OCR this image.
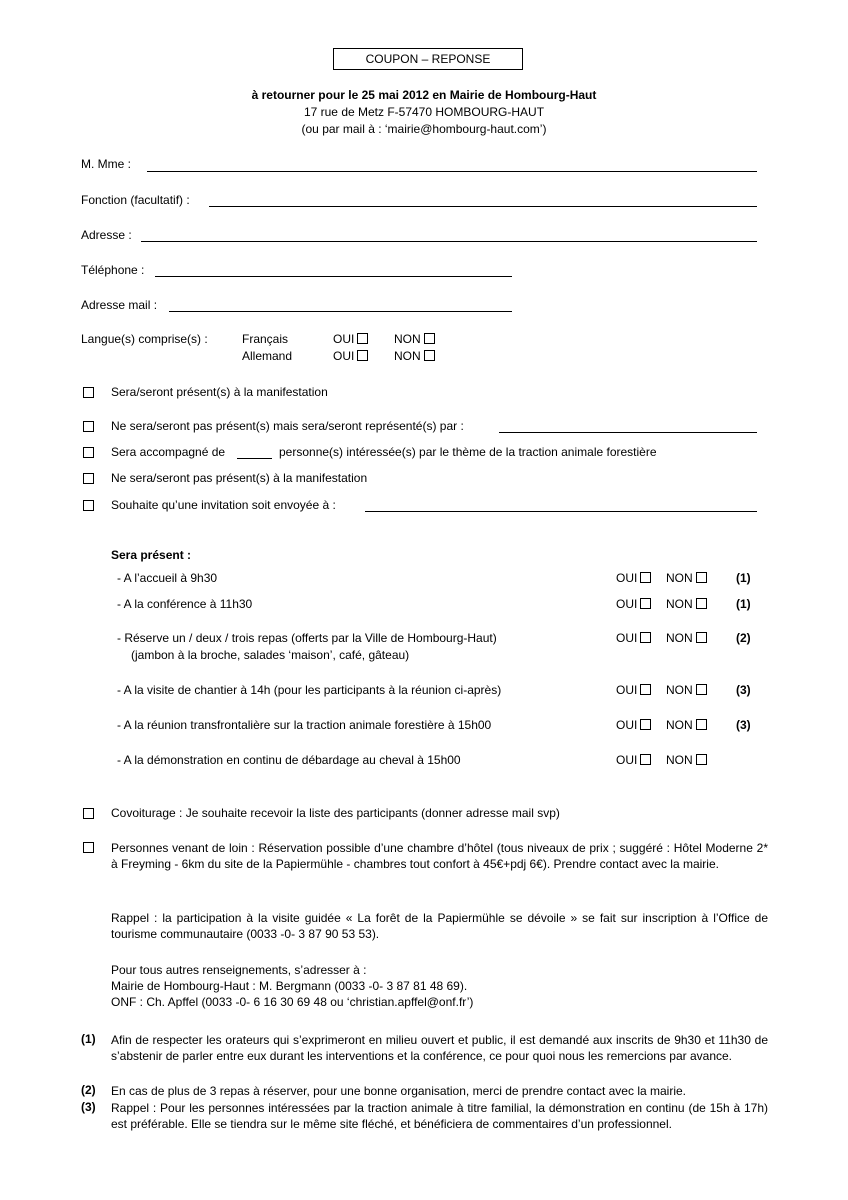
COUPON – REPONSE
à retourner pour le 25 mai 2012 en Mairie de Hombourg-Haut
17 rue de Metz F-57470 HOMBOURG-HAUT
(ou par mail à : ‘mairie@hombourg-haut.com’)
M. Mme :
Fonction (facultatif) :
Adresse :
Téléphone :
Adresse mail :
Langue(s) comprise(s) :	Français	OUI	NON
Allemand	OUI	NON
Sera/seront présent(s) à la manifestation
Ne sera/seront pas présent(s) mais sera/seront représenté(s) par :
Sera accompagné de	personne(s) intéressée(s) par le thème de la traction animale forestière
Ne sera/seront pas présent(s) à la manifestation
Souhaite qu’une invitation soit envoyée à :
Sera présent :
- A l’accueil à 9h30	OUI	NON	(1)
- A la conférence à 11h30	OUI	NON	(1)
- Réserve un / deux / trois repas (offerts par la Ville de Hombourg-Haut)
(jambon à la broche, salades ‘maison’, café, gâteau)
OUI	NON	(2)
- A la visite de chantier à 14h (pour les participants à la réunion ci-après)	OUI	NON	(3)
- A la réunion transfrontalière sur la traction animale forestière à 15h00	OUI	NON	(3)
- A la démonstration en continu de débardage au cheval à 15h00	OUI	NON
Covoiturage : Je souhaite recevoir la liste des participants (donner adresse mail svp)
Personnes venant de loin : Réservation possible d’une chambre d’hôtel (tous niveaux de prix ; suggéré : Hôtel Moderne 2* à Freyming - 6km du site de la Papiermühle - chambres tout confort à 45€+pdj 6€). Prendre contact avec la mairie.
Rappel : la participation à la visite guidée « La forêt de la Papiermühle se dévoile » se fait sur inscription à l’Office de tourisme communautaire (0033 -0- 3 87 90 53 53).
Pour tous autres renseignements, s’adresser à :
Mairie de Hombourg-Haut : M. Bergmann (0033 -0- 3 87 81 48 69).
ONF : Ch. Apffel (0033 -0- 6 16 30 69 48 ou ‘christian.apffel@onf.fr’)
(1) Afin de respecter les orateurs qui s’exprimeront en milieu ouvert et public, il est demandé aux inscrits de 9h30 et 11h30 de s’abstenir de parler entre eux durant les interventions et la conférence, ce pour quoi nous les remercions par avance.
(2) En cas de plus de 3 repas à réserver, pour une bonne organisation, merci de prendre contact avec la mairie.
(3) Rappel : Pour les personnes intéressées par la traction animale à titre familial, la démonstration en continu (de 15h à 17h) est préférable. Elle se tiendra sur le même site fléché, et bénéficiera de commentaires d’un professionnel.
